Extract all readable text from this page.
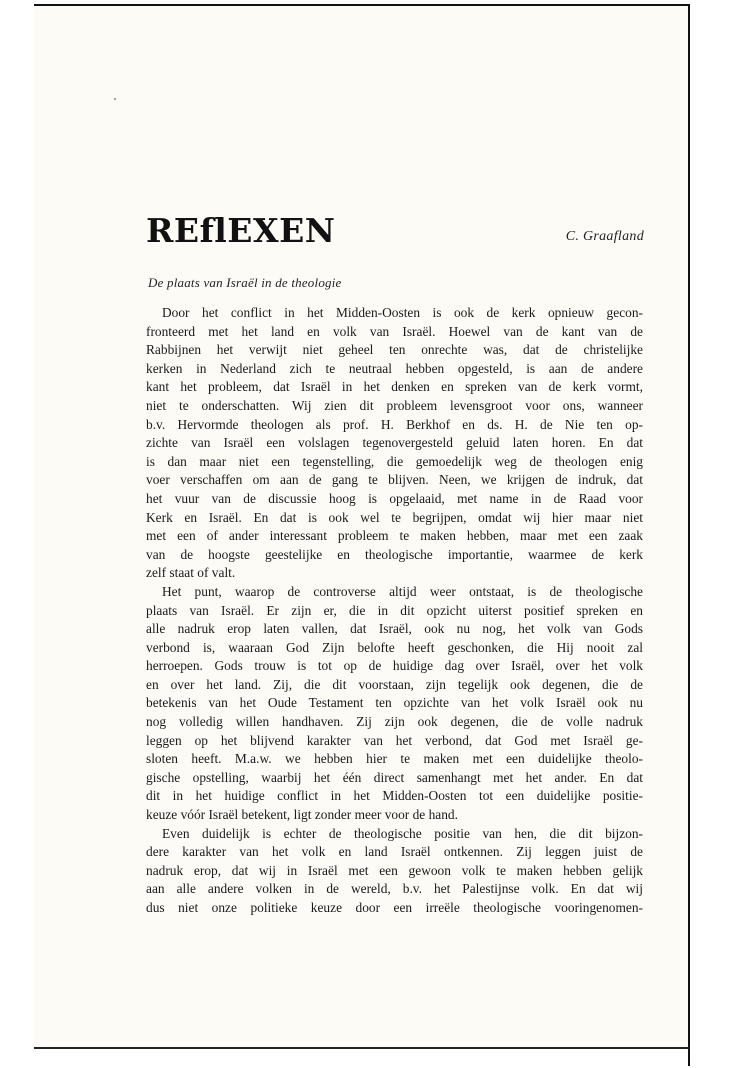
REflEXEN	C. Graafland
De plaats van Israël in de theologie
Door het conflict in het Midden-Oosten is ook de kerk opnieuw gecon-
fronteerd met het land en volk van Israël. Hoewel van de kant van de
Rabbijnen het verwijt niet geheel ten onrechte was, dat de christelijke
kerken in Nederland zich te neutraal hebben opgesteld, is aan de andere
kant het probleem, dat Israël in het denken en spreken van de kerk vormt,
niet te onderschatten. Wij zien dit probleem levensgroot voor ons, wanneer
b.v. Hervormde theologen als prof. H. Berkhof en ds. H. de Nie ten op-
zichte van Israël een volslagen tegenovergesteld geluid laten horen. En dat
is dan maar niet een tegenstelling, die gemoedelijk weg de theologen enig
voer verschaffen om aan de gang te blijven. Neen, we krijgen de indruk, dat
het vuur van de discussie hoog is opgelaaid, met name in de Raad voor
Kerk en Israël. En dat is ook wel te begrijpen, omdat wij hier maar niet
met een of ander interessant probleem te maken hebben, maar met een zaak
van de hoogste geestelijke en theologische importantie, waarmee de kerk
zelf staat of valt.
Het punt, waarop de controverse altijd weer ontstaat, is de theologische
plaats van Israël. Er zijn er, die in dit opzicht uiterst positief spreken en
alle nadruk erop laten vallen, dat Israël, ook nu nog, het volk van Gods
verbond is, waaraan God Zijn belofte heeft geschonken, die Hij nooit zal
herroepen. Gods trouw is tot op de huidige dag over Israël, over het volk
en over het land. Zij, die dit voorstaan, zijn tegelijk ook degenen, die de
betekenis van het Oude Testament ten opzichte van het volk Israël ook nu
nog volledig willen handhaven. Zij zijn ook degenen, die de volle nadruk
leggen op het blijvend karakter van het verbond, dat God met Israël ge-
sloten heeft. M.a.w. we hebben hier te maken met een duidelijke theolo-
gische opstelling, waarbij het één direct samenhangt met het ander. En dat
dit in het huidige conflict in het Midden-Oosten tot een duidelijke positie-
keuze vóór Israël betekent, ligt zonder meer voor de hand.
Even duidelijk is echter de theologische positie van hen, die dit bijzon-
dere karakter van het volk en land Israël ontkennen. Zij leggen juist de
nadruk erop, dat wij in Israël met een gewoon volk te maken hebben gelijk
aan alle andere volken in de wereld, b.v. het Palestijnse volk. En dat wij
dus niet onze politieke keuze door een irreële theologische vooringenomen-
